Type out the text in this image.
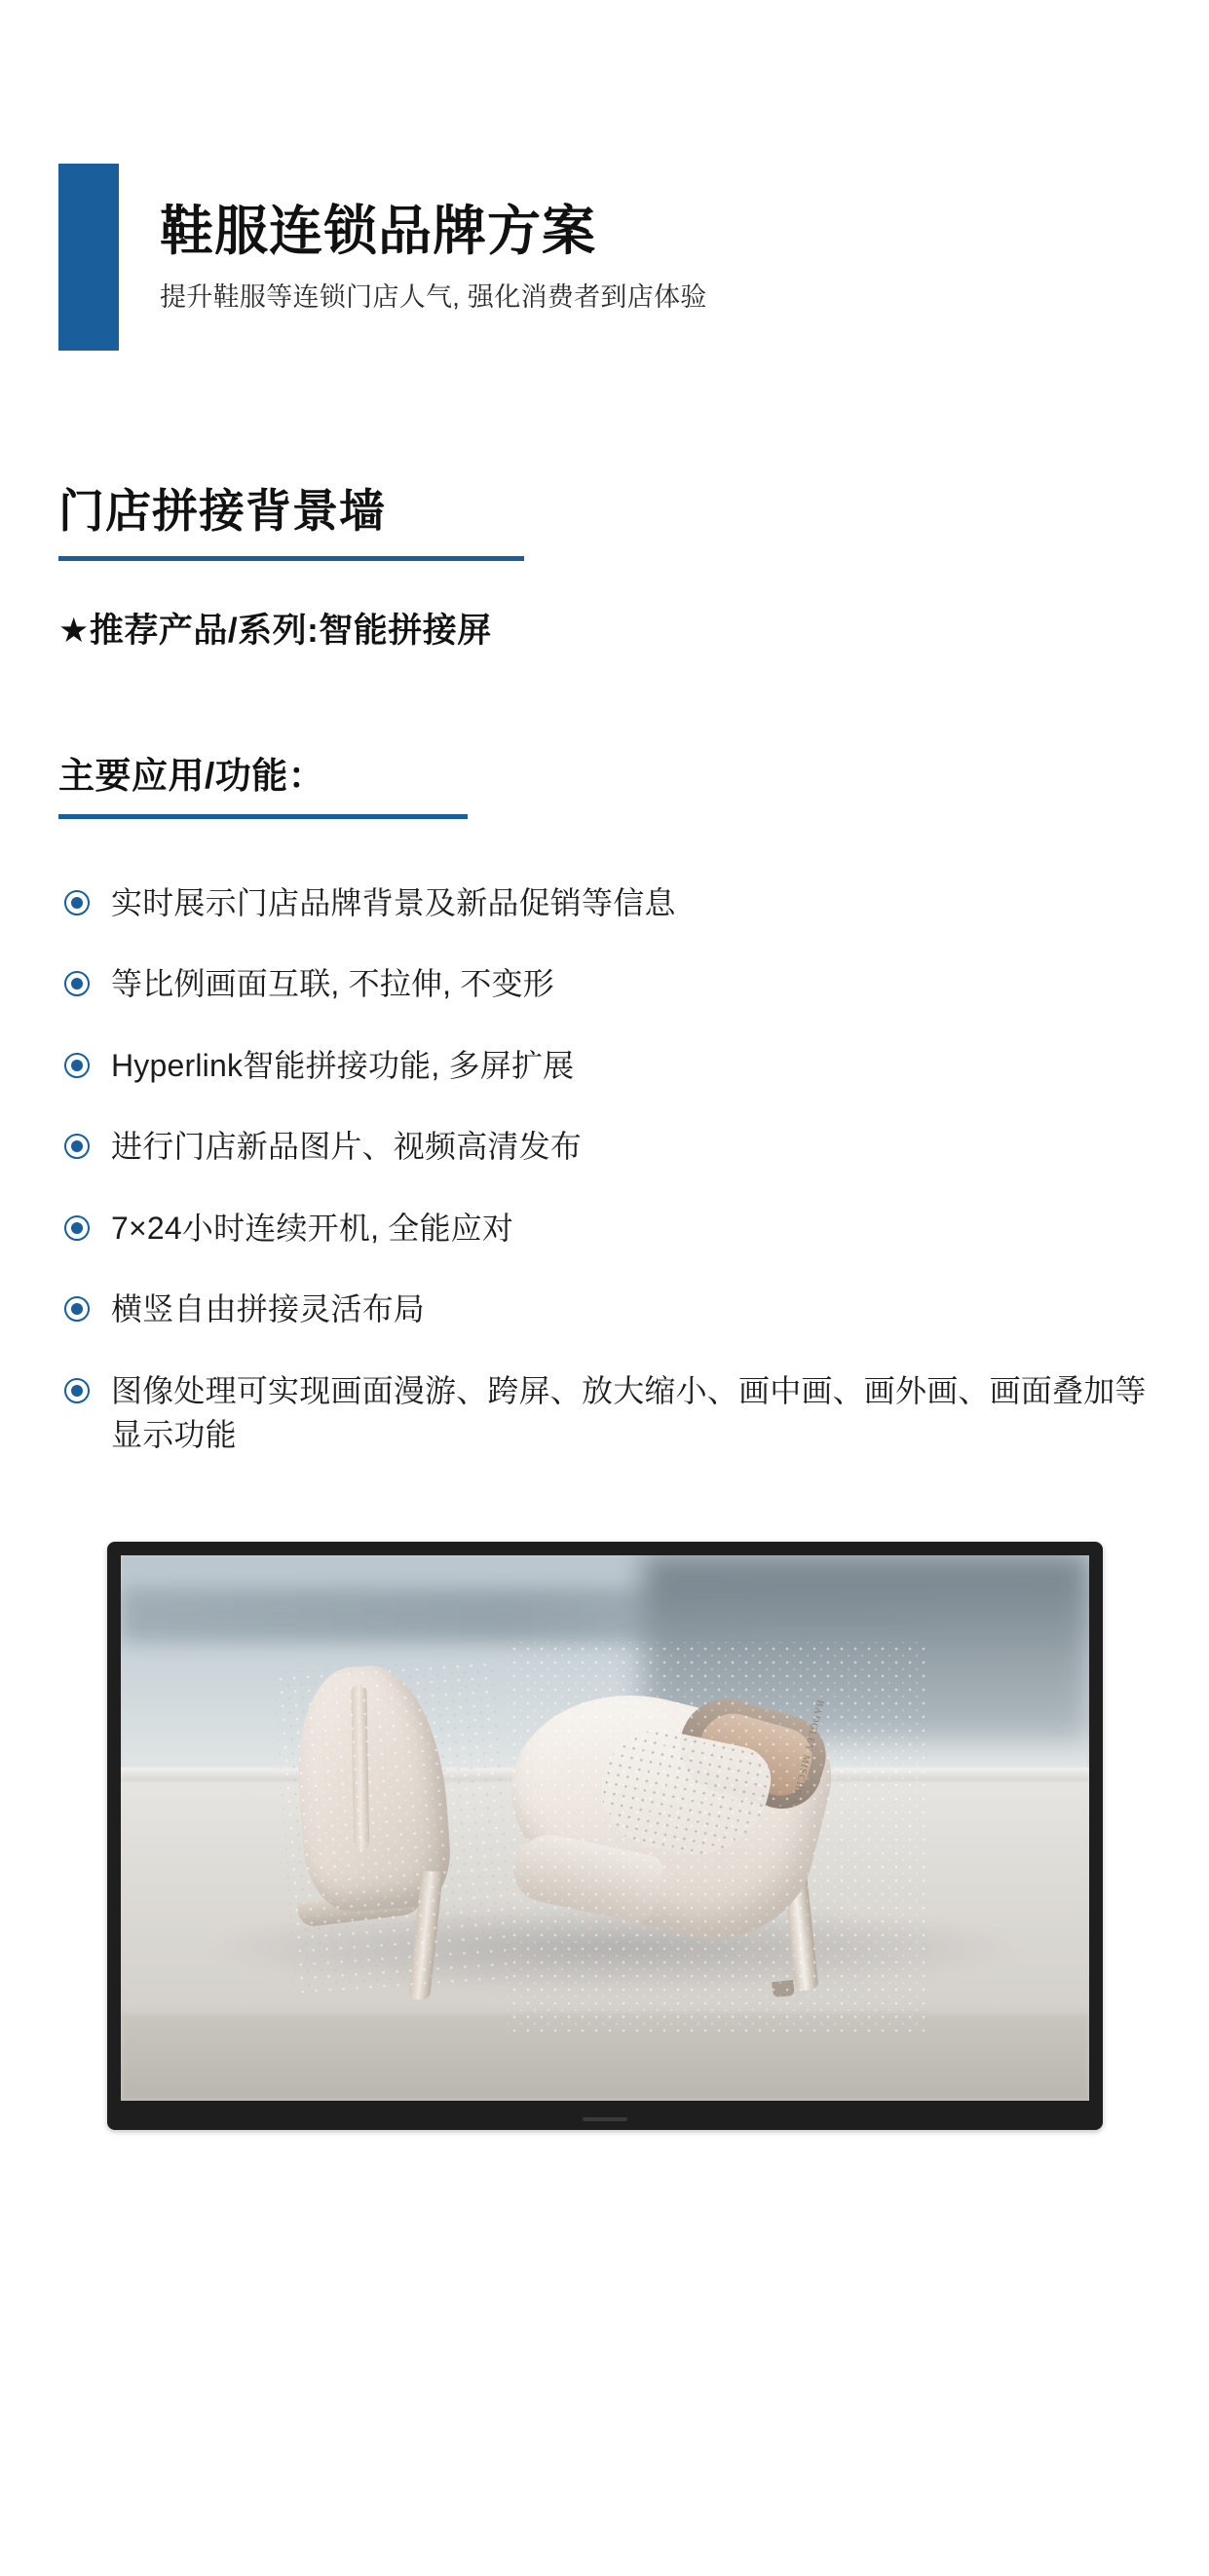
鞋服连锁品牌方案

提升鞋服等连锁门店人气, 强化消费者到店体验

门店拼接背景墙
★推荐产品/系列:智能拼接屏
主要应用/功能：
实时展示门店品牌背景及新品促销等信息
等比例画面互联, 不拉伸, 不变形
Hyperlink智能拼接功能, 多屏扩展
进行门店新品图片、视频高清发布
7×24小时连续开机, 全能应对
横竖自由拼接灵活布局
图像处理可实现画面漫游、跨屏、放大缩小、画中画、画外画、画面叠加等显示功能
